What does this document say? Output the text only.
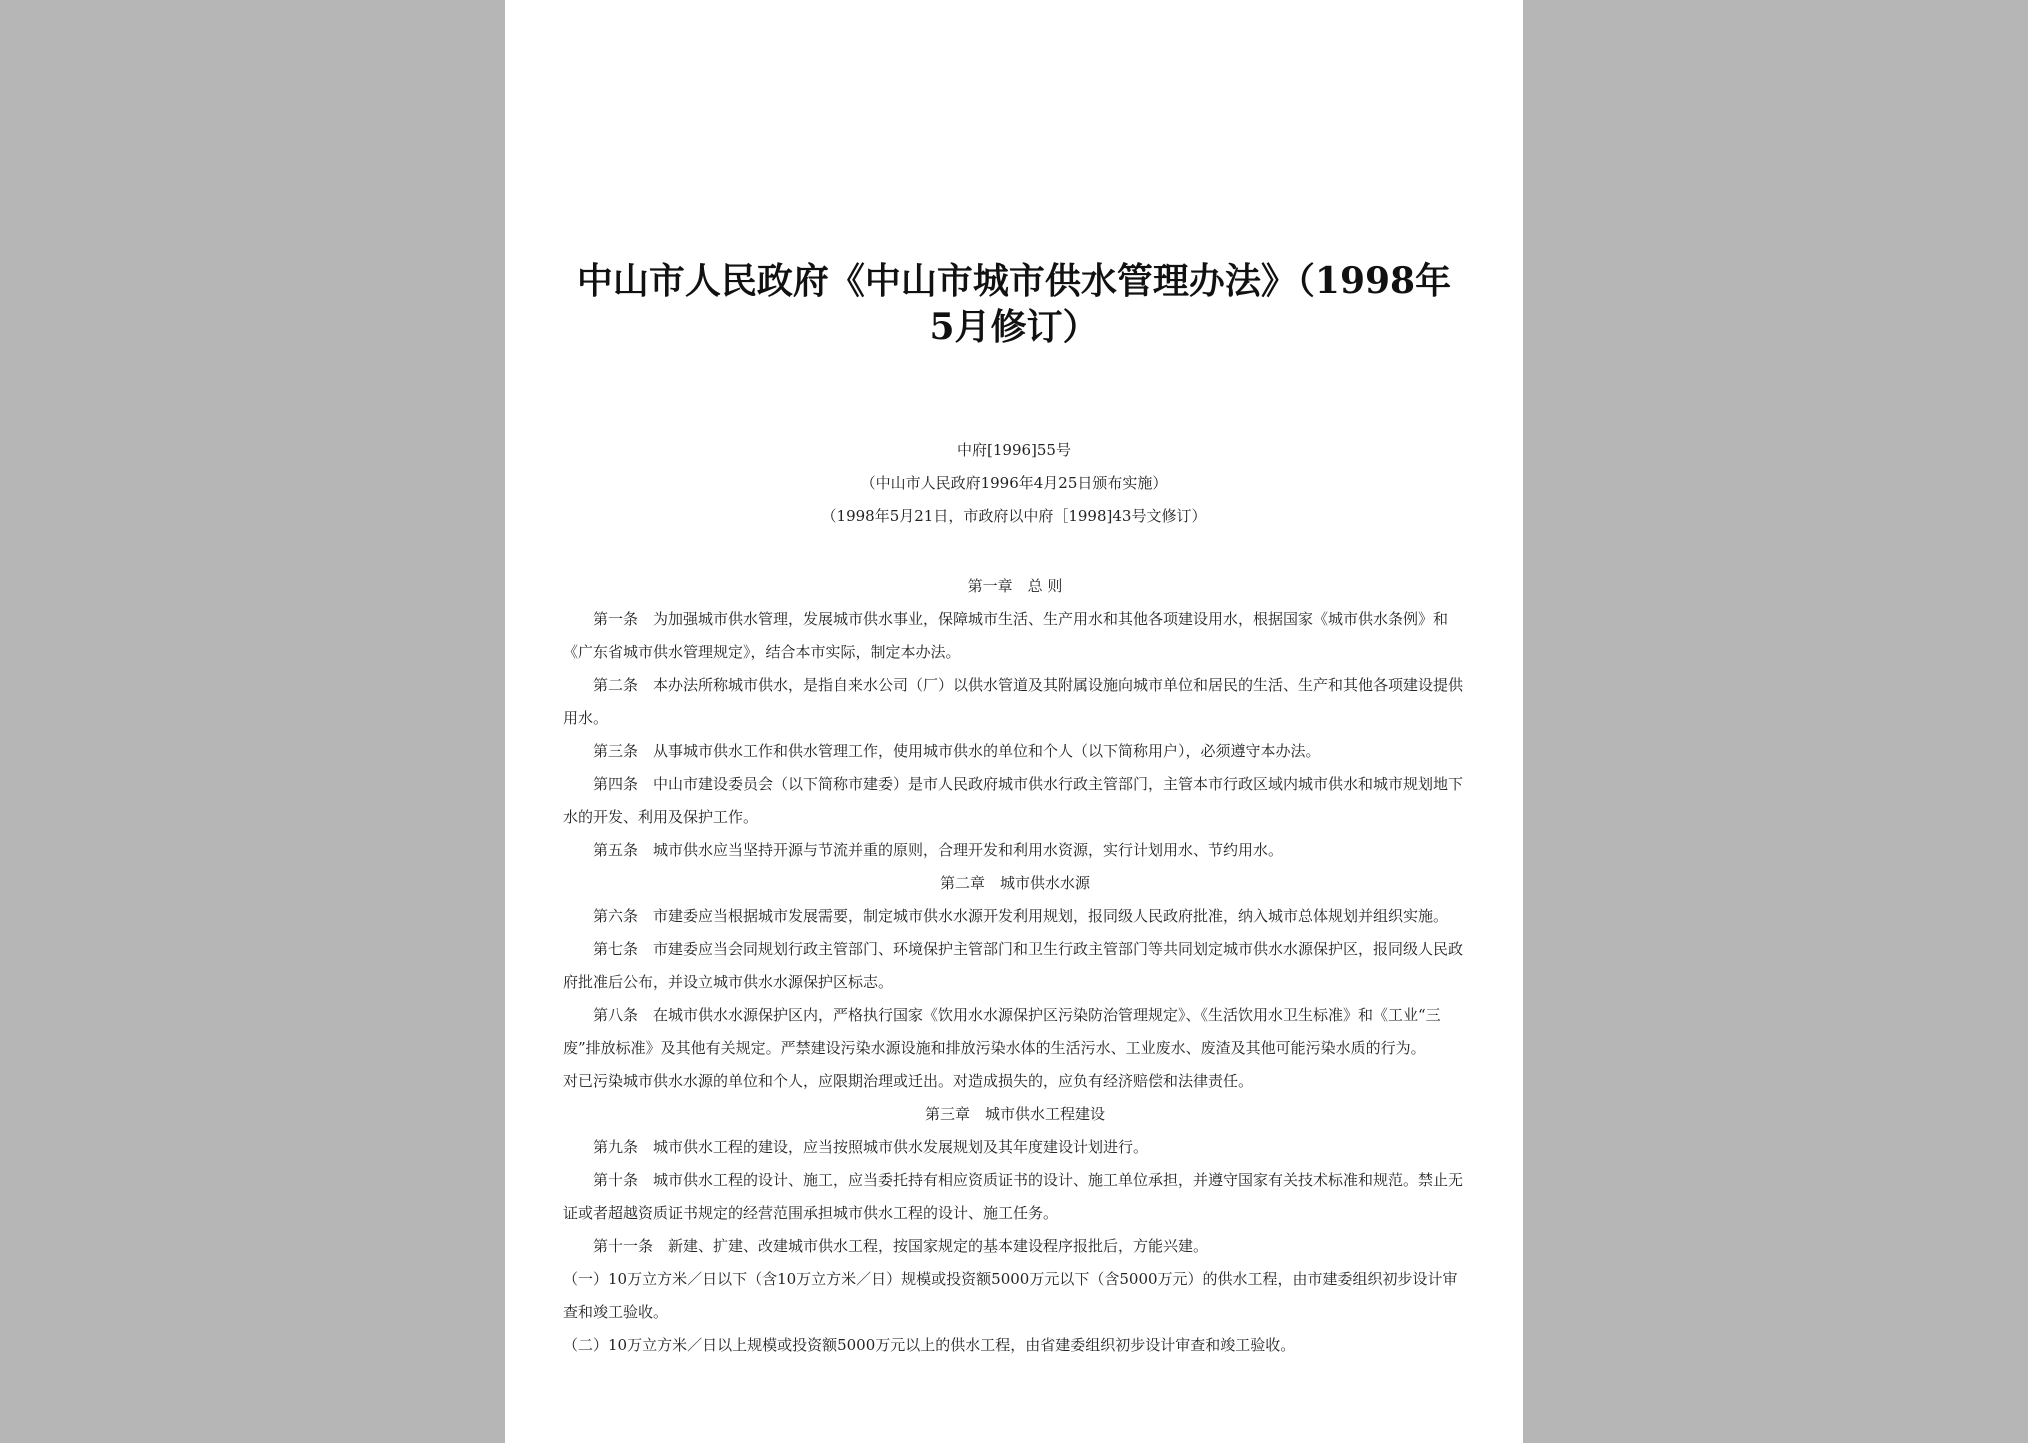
中山市人民政府《中山市城市供水管理办法》（1998年
5月修订）
中府[1996]55号
（中山市人民政府1996年4月25日颁布实施）
（1998年5月21日，市政府以中府［1998]43号文修订）

第一章　总 则

第一条　为加强城市供水管理，发展城市供水事业，保障城市生活、生产用水和其他各项建设用水，根据国家《城市供水条例》和《广东省城市供水管理规定》，结合本市实际，制定本办法。

第二条　本办法所称城市供水，是指自来水公司（厂）以供水管道及其附属设施向城市单位和居民的生活、生产和其他各项建设提供用水。

第三条　从事城市供水工作和供水管理工作，使用城市供水的单位和个人（以下简称用户），必须遵守本办法。

第四条　中山市建设委员会（以下简称市建委）是市人民政府城市供水行政主管部门，主管本市行政区域内城市供水和城市规划地下水的开发、利用及保护工作。

第五条　城市供水应当坚持开源与节流并重的原则，合理开发和利用水资源，实行计划用水、节约用水。

第二章　城市供水水源

第六条　市建委应当根据城市发展需要，制定城市供水水源开发利用规划，报同级人民政府批准，纳入城市总体规划并组织实施。

第七条　市建委应当会同规划行政主管部门、环境保护主管部门和卫生行政主管部门等共同划定城市供水水源保护区，报同级人民政府批准后公布，并设立城市供水水源保护区标志。

第八条　在城市供水水源保护区内，严格执行国家《饮用水水源保护区污染防治管理规定》、《生活饮用水卫生标准》和《工业“三废”排放标准》及其他有关规定。严禁建设污染水源设施和排放污染水体的生活污水、工业废水、废渣及其他可能污染水质的行为。

对已污染城市供水水源的单位和个人，应限期治理或迁出。对造成损失的，应负有经济赔偿和法律责任。

第三章　城市供水工程建设

第九条　城市供水工程的建设，应当按照城市供水发展规划及其年度建设计划进行。

第十条　城市供水工程的设计、施工，应当委托持有相应资质证书的设计、施工单位承担，并遵守国家有关技术标准和规范。禁止无证或者超越资质证书规定的经营范围承担城市供水工程的设计、施工任务。

第十一条　新建、扩建、改建城市供水工程，按国家规定的基本建设程序报批后，方能兴建。

（一）10万立方米／日以下（含10万立方米／日）规模或投资额5000万元以下（含5000万元）的供水工程，由市建委组织初步设计审查和竣工验收。

（二）10万立方米／日以上规模或投资额5000万元以上的供水工程，由省建委组织初步设计审查和竣工验收。
